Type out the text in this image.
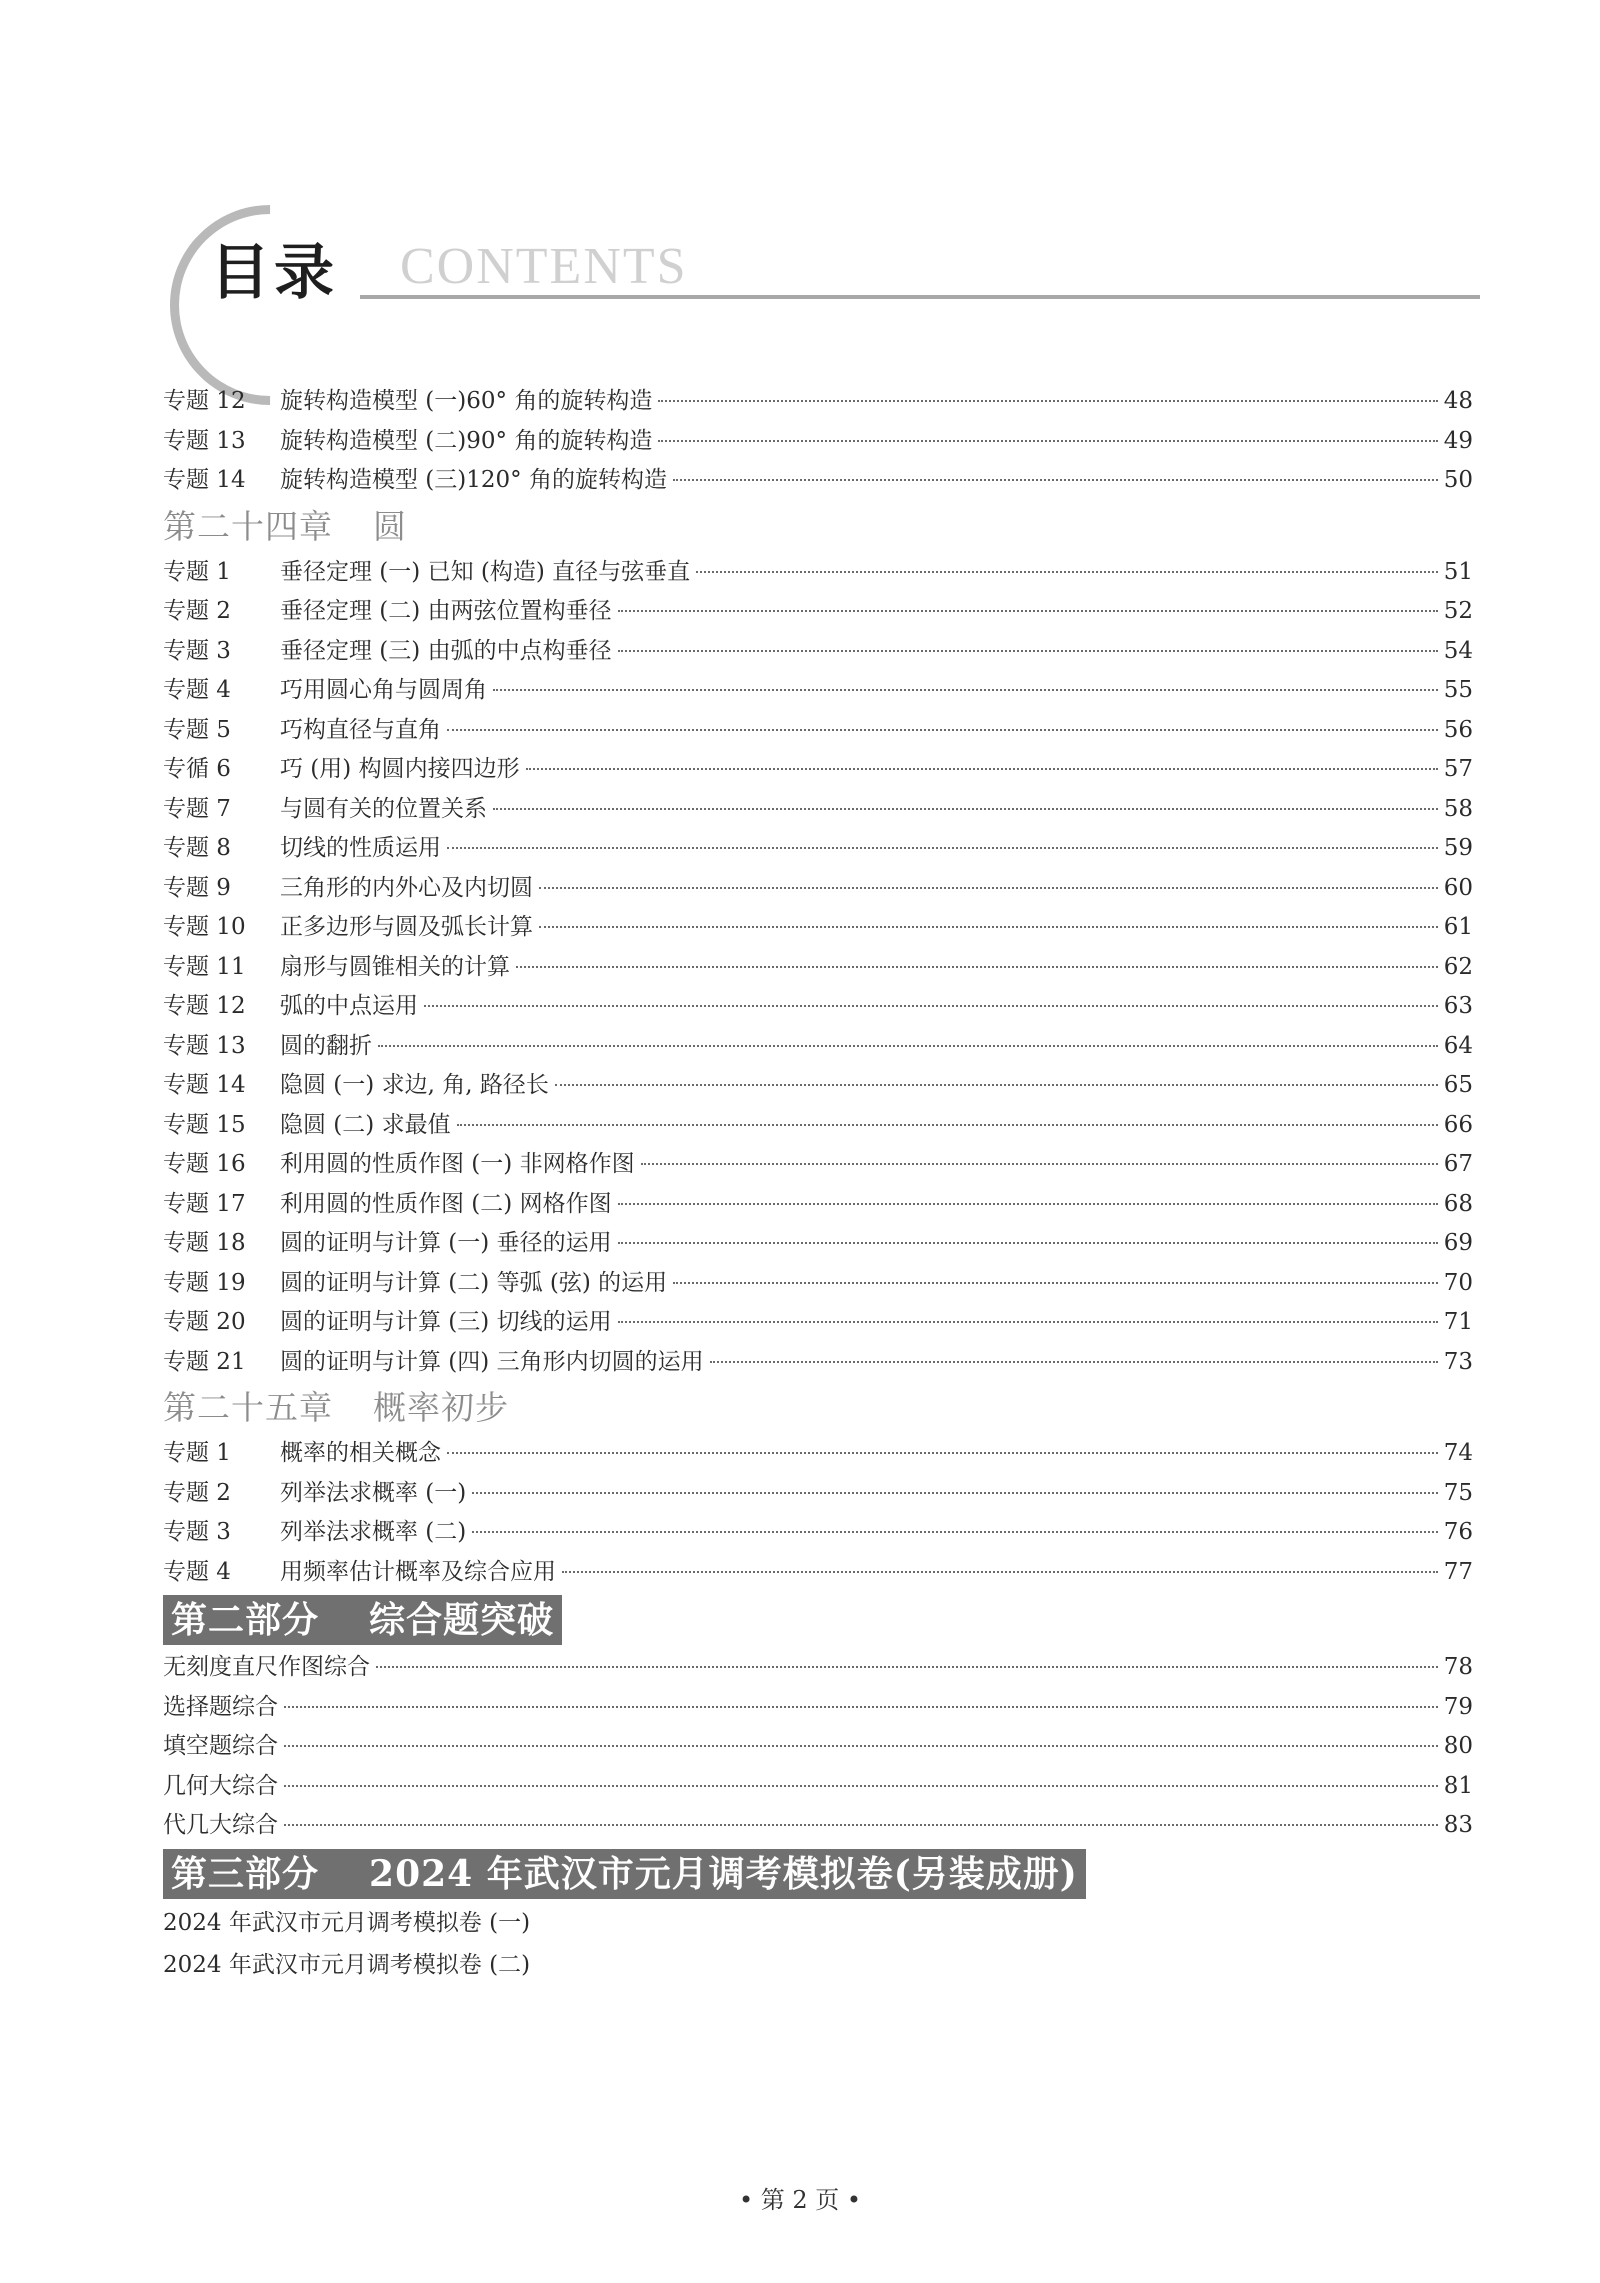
目录 CONTENTS
专题 12	旋转构造模型 (一)60° 角的旋转构造	48
专题 13	旋转构造模型 (二)90° 角的旋转构造	49
专题 14	旋转构造模型 (三)120° 角的旋转构造	50
第二十四章 圆
专题 1	垂径定理 (一) 已知 (构造) 直径与弦垂直	51
专题 2	垂径定理 (二) 由两弦位置构垂径	52
专题 3	垂径定理 (三) 由弧的中点构垂径	54
专题 4	巧用圆心角与圆周角	55
专题 5	巧构直径与直角	56
专循 6	巧 (用) 构圆内接四边形	57
专题 7	与圆有关的位置关系	58
专题 8	切线的性质运用	59
专题 9	三角形的内外心及内切圆	60
专题 10	正多边形与圆及弧长计算	61
专题 11	扇形与圆锥相关的计算	62
专题 12	弧的中点运用	63
专题 13	圆的翻折	64
专题 14	隐圆 (一) 求边, 角, 路径长	65
专题 15	隐圆 (二) 求最值	66
专题 16	利用圆的性质作图 (一) 非网格作图	67
专题 17	利用圆的性质作图 (二) 网格作图	68
专题 18	圆的证明与计算 (一) 垂径的运用	69
专题 19	圆的证明与计算 (二) 等弧 (弦) 的运用	70
专题 20	圆的证明与计算 (三) 切线的运用	71
专题 21	圆的证明与计算 (四) 三角形内切圆的运用	73
第二十五章 概率初步
专题 1	概率的相关概念	74
专题 2	列举法求概率 (一)	75
专题 3	列举法求概率 (二)	76
专题 4	用频率估计概率及综合应用	77
第二部分 综合题突破
无刻度直尺作图综合	78
选择题综合	79
填空题综合	80
几何大综合	81
代几大综合	83
第三部分 2024 年武汉市元月调考模拟卷(另装成册)
2024 年武汉市元月调考模拟卷 (一)
2024 年武汉市元月调考模拟卷 (二)
• 第 2 页 •
